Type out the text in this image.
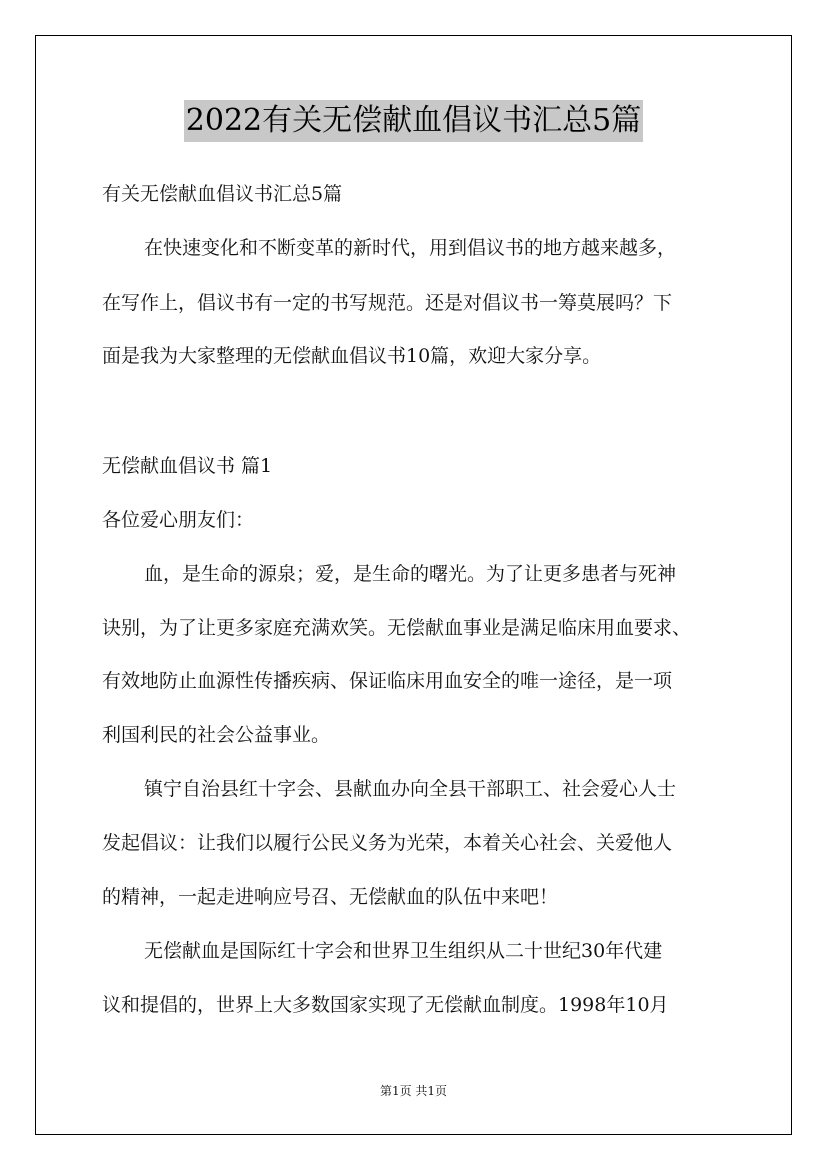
2022有关无偿献血倡议书汇总5篇
有关无偿献血倡议书汇总5篇
在快速变化和不断变革的新时代，用到倡议书的地方越来越多，
在写作上，倡议书有一定的书写规范。还是对倡议书一筹莫展吗？下
面是我为大家整理的无偿献血倡议书10篇，欢迎大家分享。
无偿献血倡议书 篇1
各位爱心朋友们：
血，是生命的源泉；爱，是生命的曙光。为了让更多患者与死神
诀别，为了让更多家庭充满欢笑。无偿献血事业是满足临床用血要求、
有效地防止血源性传播疾病、保证临床用血安全的唯一途径，是一项
利国利民的社会公益事业。
镇宁自治县红十字会、县献血办向全县干部职工、社会爱心人士
发起倡议：让我们以履行公民义务为光荣，本着关心社会、关爱他人
的精神，一起走进响应号召、无偿献血的队伍中来吧！
无偿献血是国际红十字会和世界卫生组织从二十世纪30年代建
议和提倡的，世界上大多数国家实现了无偿献血制度。1998年10月
第1页 共1页
